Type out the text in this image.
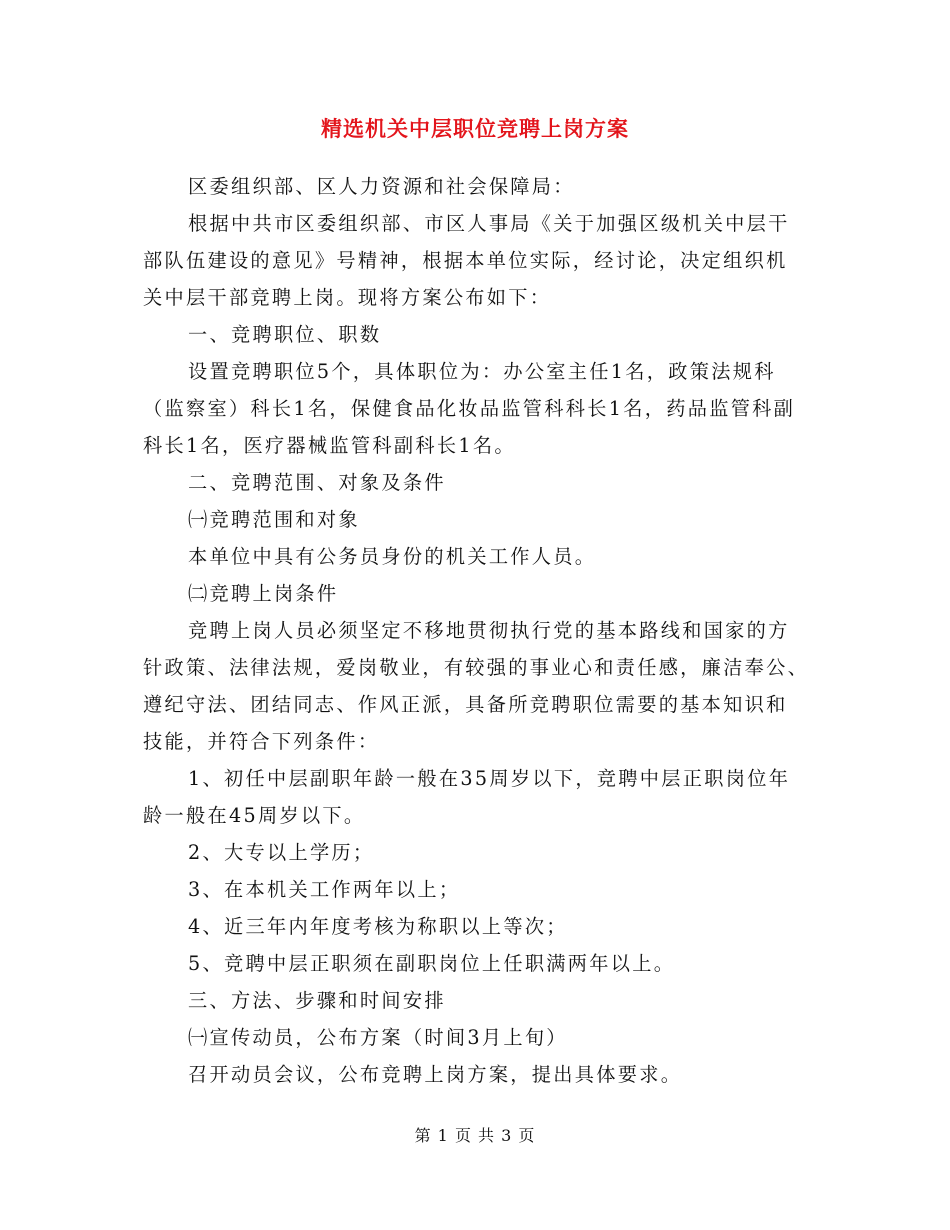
精选机关中层职位竞聘上岗方案

区委组织部、区人力资源和社会保障局：

根据中共市区委组织部、市区人事局《关于加强区级机关中层干

部队伍建设的意见》号精神，根据本单位实际，经讨论，决定组织机

关中层干部竞聘上岗。现将方案公布如下：

一、竞聘职位、职数

设置竞聘职位5个，具体职位为：办公室主任1名，政策法规科

（监察室）科长1名，保健食品化妆品监管科科长1名，药品监管科副

科长1名，医疗器械监管科副科长1名。

二、竞聘范围、对象及条件

㈠竞聘范围和对象

本单位中具有公务员身份的机关工作人员。

㈡竞聘上岗条件

竞聘上岗人员必须坚定不移地贯彻执行党的基本路线和国家的方

针政策、法律法规，爱岗敬业，有较强的事业心和责任感，廉洁奉公、

遵纪守法、团结同志、作风正派，具备所竞聘职位需要的基本知识和

技能，并符合下列条件：

1、初任中层副职年龄一般在35周岁以下，竞聘中层正职岗位年

龄一般在45周岁以下。

2、大专以上学历；

3、在本机关工作两年以上；

4、近三年内年度考核为称职以上等次；

5、竞聘中层正职须在副职岗位上任职满两年以上。

三、方法、步骤和时间安排

㈠宣传动员，公布方案（时间3月上旬）

召开动员会议，公布竞聘上岗方案，提出具体要求。

第 1 页 共 3 页
